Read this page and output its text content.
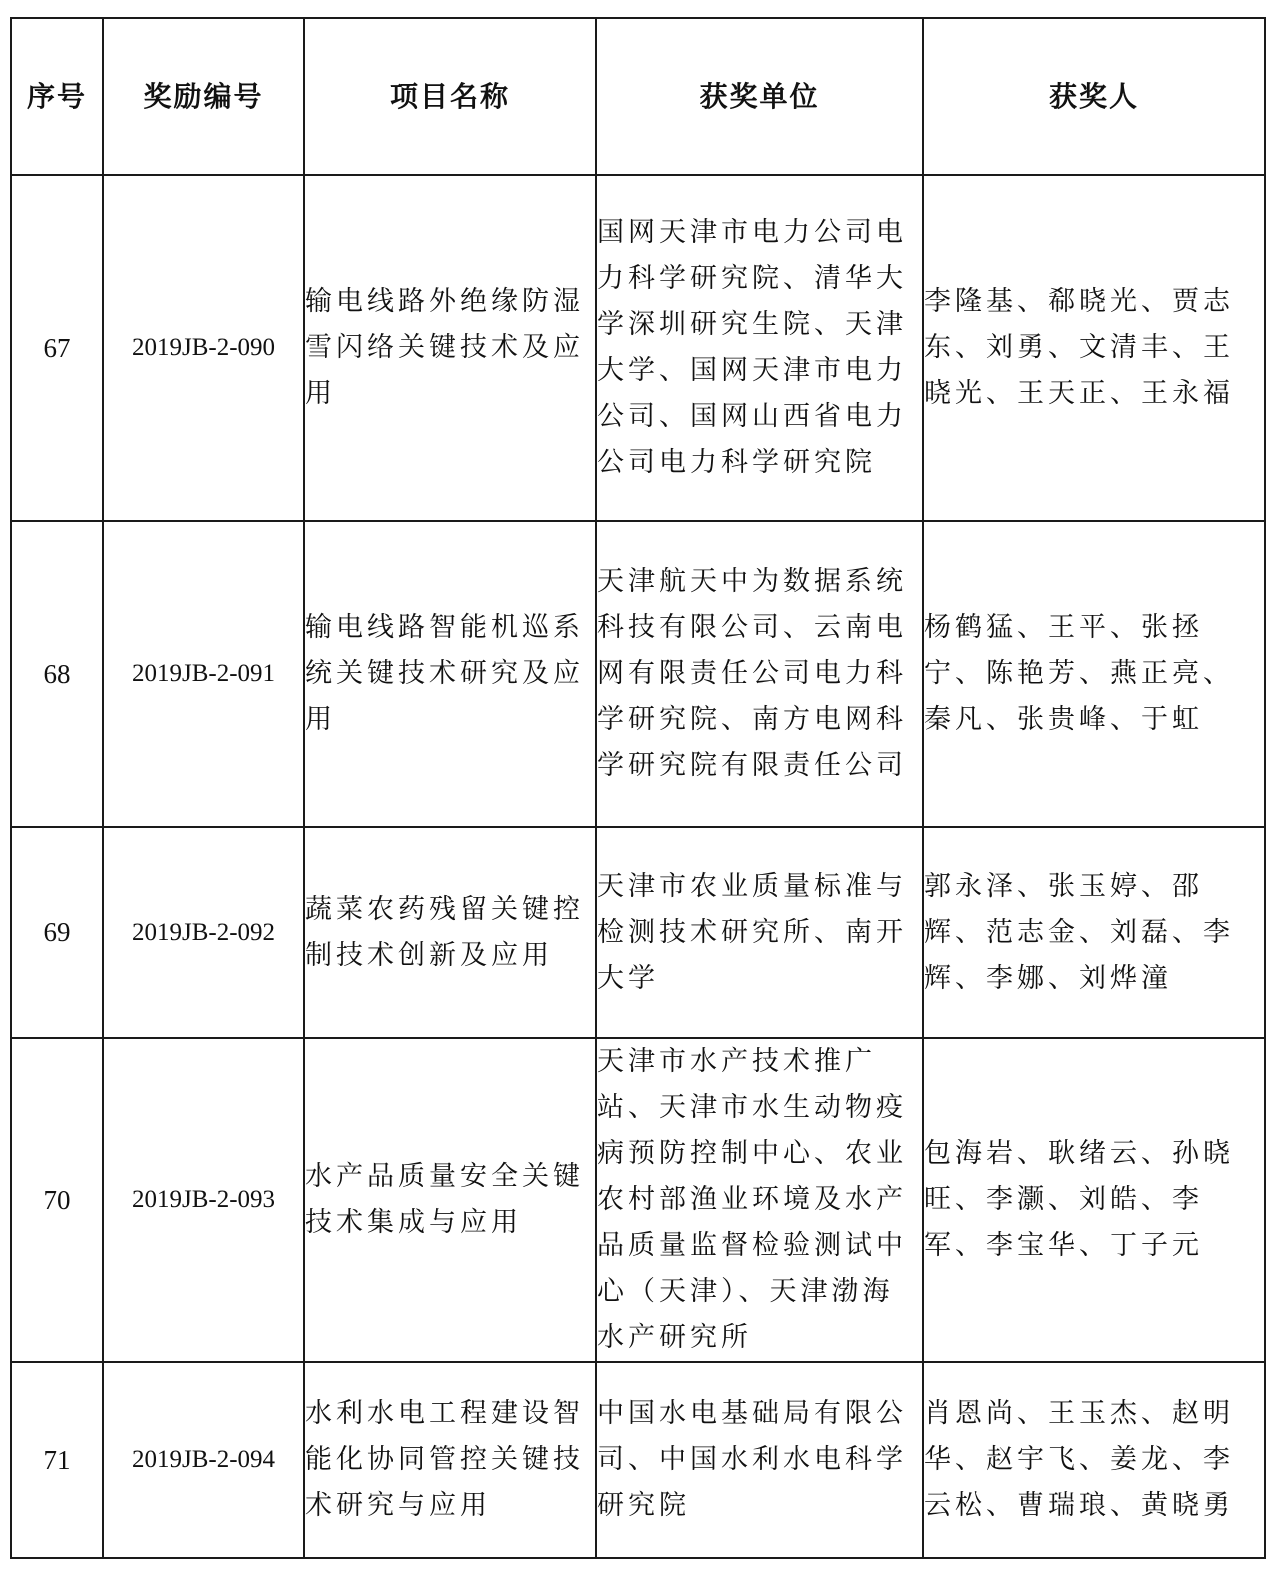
序号	奖励编号	项目名称	获奖单位	获奖人
67	2019JB-2-090	输电线路外绝缘防湿雪闪络关键技术及应用	国网天津市电力公司电力科学研究院、清华大学深圳研究生院、天津大学、国网天津市电力公司、国网山西省电力公司电力科学研究院	李隆基、郗晓光、贾志东、刘勇、文清丰、王晓光、王天正、王永福

68	2019JB-2-091	输电线路智能机巡系统关键技术研究及应用	天津航天中为数据系统科技有限公司、云南电网有限责任公司电力科学研究院、南方电网科学研究院有限责任公司	杨鹤猛、王平、张拯宁、陈艳芳、燕正亮、秦凡、张贵峰、于虹

69	2019JB-2-092	蔬菜农药残留关键控制技术创新及应用	天津市农业质量标准与检测技术研究所、南开大学	郭永泽、张玉婷、邵辉、范志金、刘磊、李辉、李娜、刘烨潼

70	2019JB-2-093	水产品质量安全关键技术集成与应用	天津市水产技术推广站、天津市水生动物疫病预防控制中心、农业农村部渔业环境及水产品质量监督检验测试中心（天津）、天津渤海水产研究所	包海岩、耿绪云、孙晓旺、李灏、刘皓、李军、李宝华、丁子元

71	2019JB-2-094	水利水电工程建设智能化协同管控关键技术研究与应用	中国水电基础局有限公司、中国水利水电科学研究院	肖恩尚、王玉杰、赵明华、赵宇飞、姜龙、李云松、曹瑞琅、黄晓勇
